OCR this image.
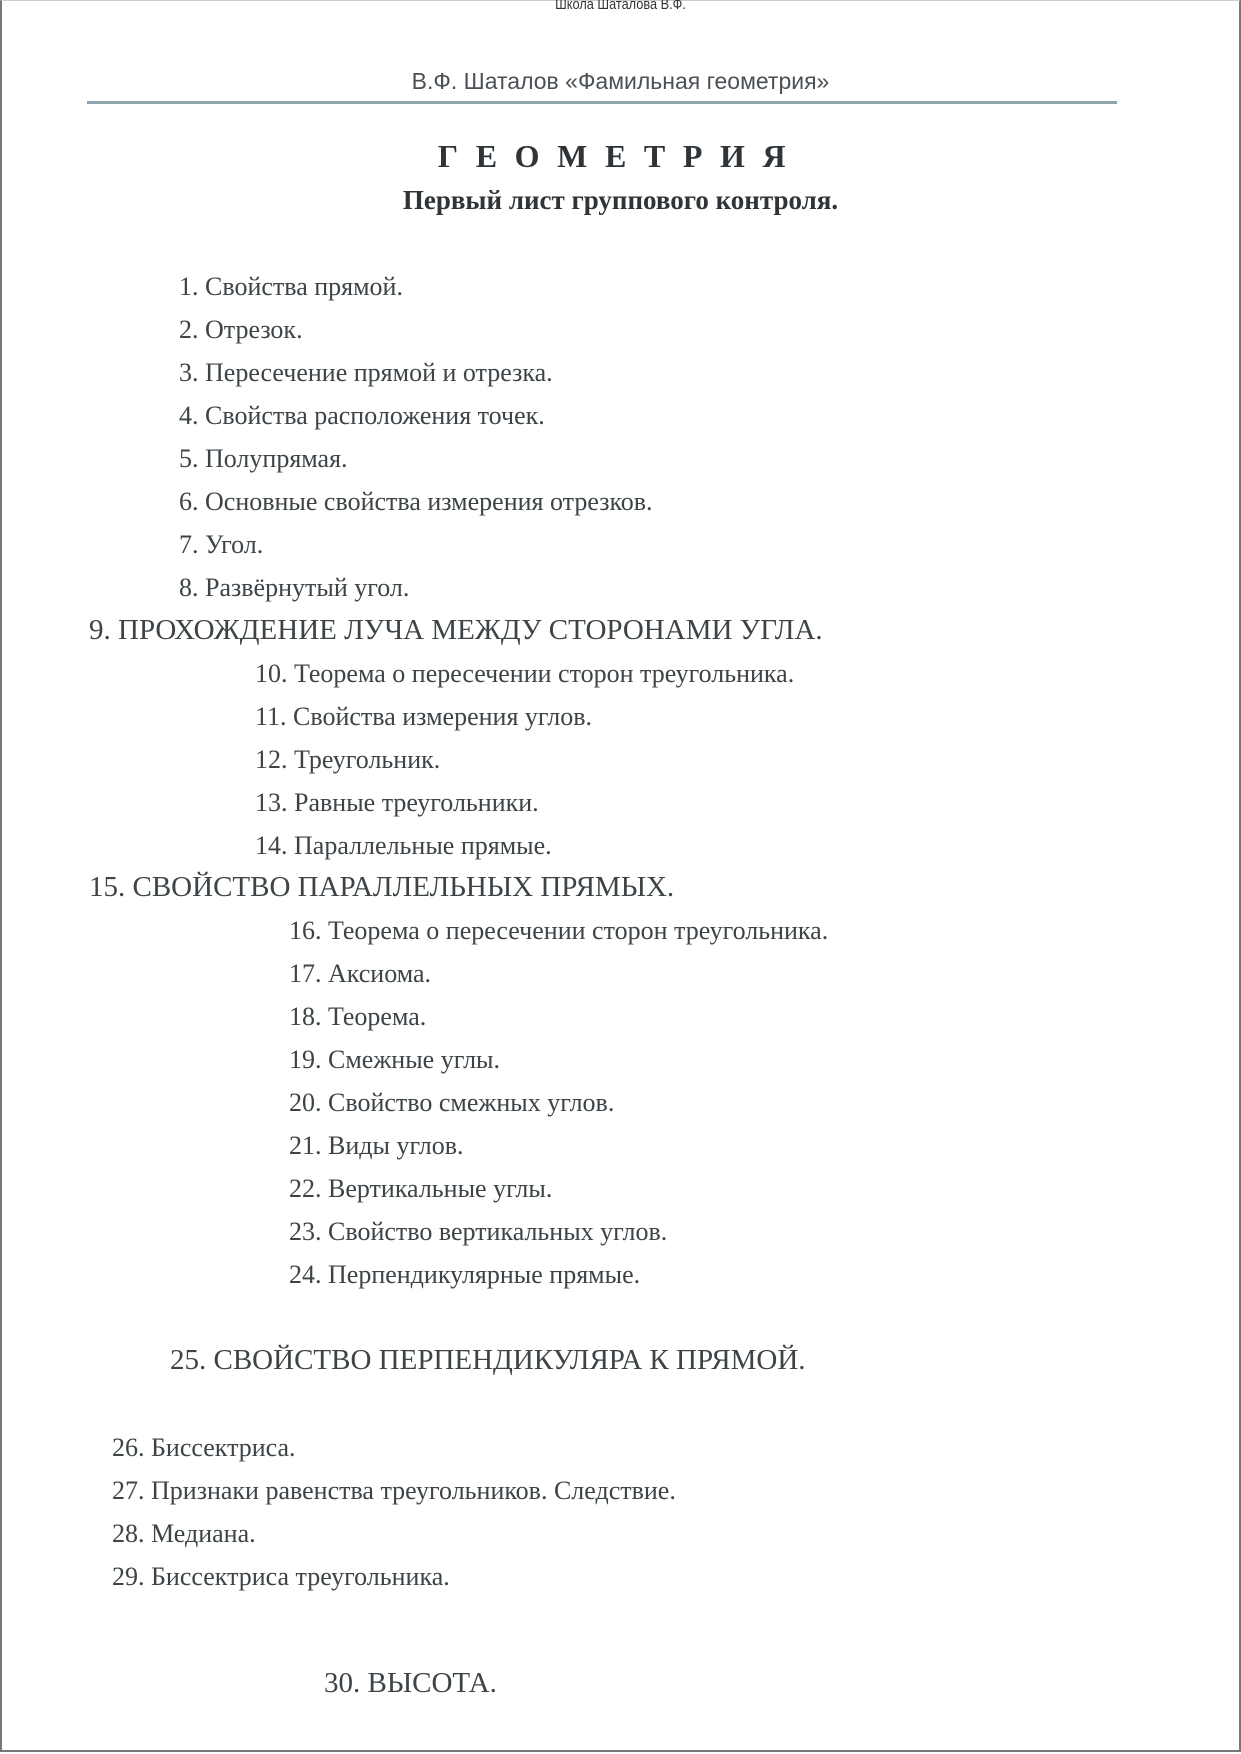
Школа Шаталова В.Ф.
В.Ф. Шаталов «Фамильная геометрия»
ГЕОМЕТРИЯ
Первый лист группового контроля.
1. Свойства прямой.
2. Отрезок.
3. Пересечение прямой и отрезка.
4. Свойства расположения точек.
5. Полупрямая.
6. Основные свойства измерения отрезков.
7. Угол.
8. Развёрнутый угол.
9. ПРОХОЖДЕНИЕ ЛУЧА МЕЖДУ СТОРОНАМИ УГЛА.
10. Теорема о пересечении сторон треугольника.
11. Свойства измерения углов.
12. Треугольник.
13. Равные треугольники.
14. Параллельные прямые.
15. СВОЙСТВО ПАРАЛЛЕЛЬНЫХ ПРЯМЫХ.
16. Теорема о пересечении сторон треугольника.
17. Аксиома.
18. Теорема.
19. Смежные углы.
20. Свойство смежных углов.
21. Виды углов.
22. Вертикальные углы.
23. Свойство вертикальных углов.
24. Перпендикулярные прямые.
25. СВОЙСТВО ПЕРПЕНДИКУЛЯРА К ПРЯМОЙ.
26. Биссектриса.
27. Признаки равенства треугольников. Следствие.
28. Медиана.
29. Биссектриса треугольника.
30. ВЫСОТА.
